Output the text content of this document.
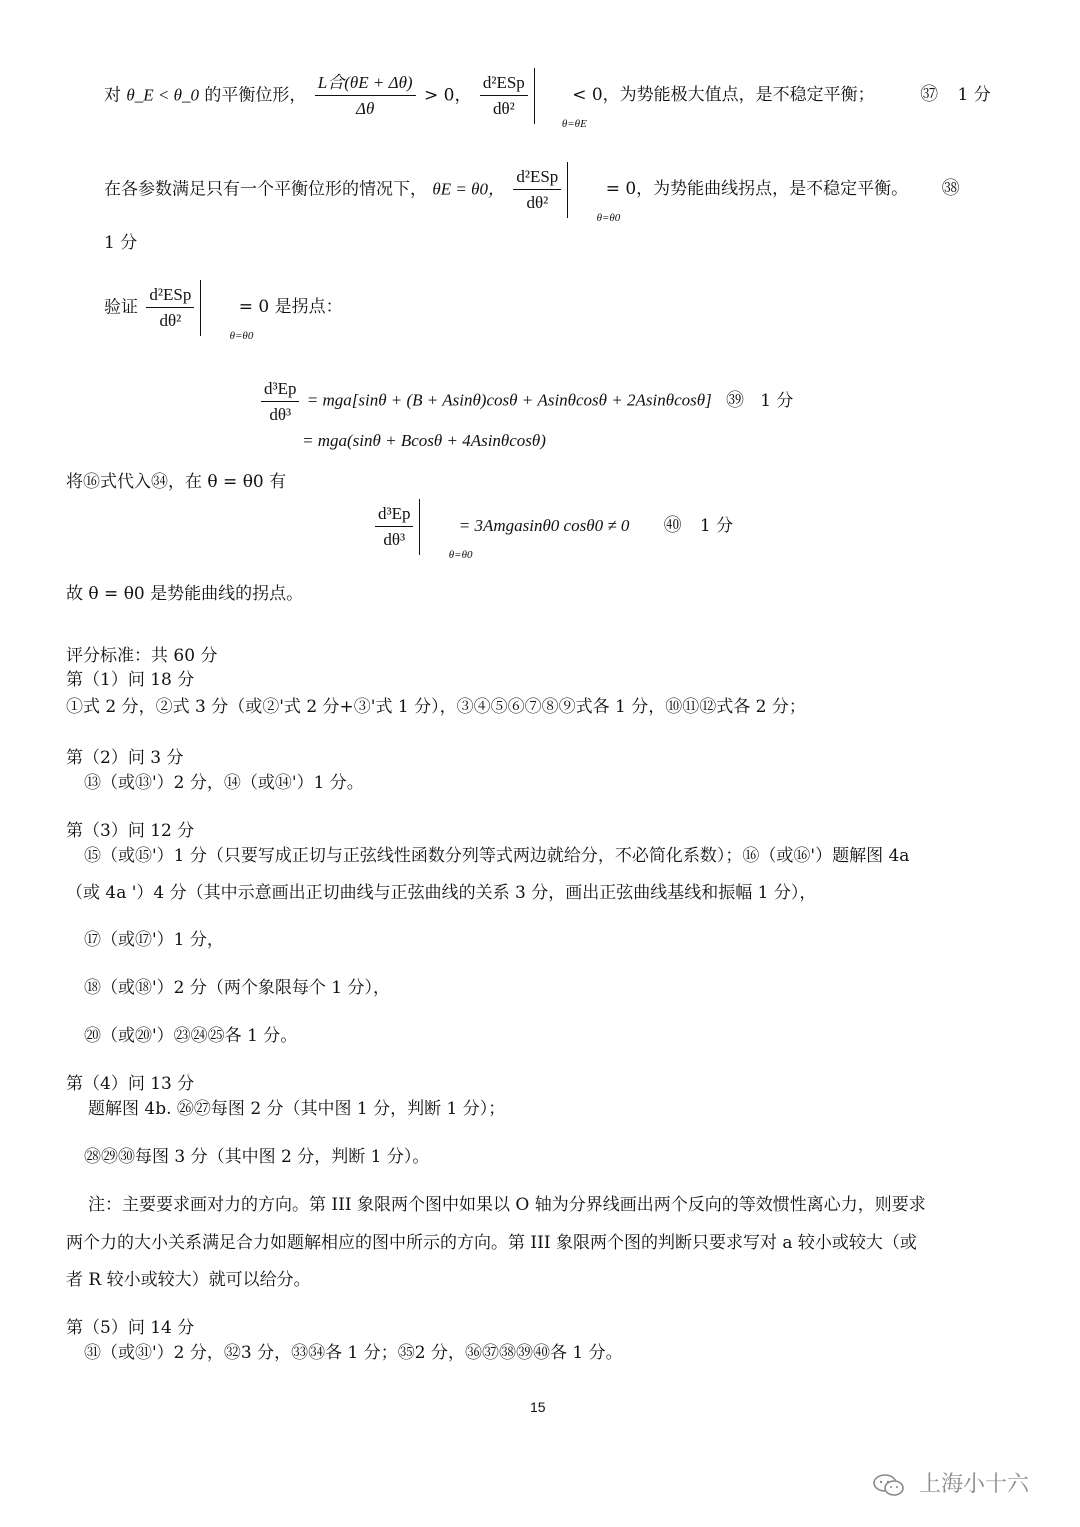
对 θ_E < θ_0 的平衡位形， $\frac{\text{L合(θE + Δθ)}}{\Delta\theta} > 0$， $\frac{\text{d²ESp}}{\text{dθ²}}$
θ=θE
< 0，为势能极大值点，是不稳定平衡；	㊲ 1 分
在各参数满足只有一个平衡位形的情况下， θE = θ0， $\frac{\text{d²ESp}}{\text{dθ²}}$
θ=θ0
= 0，为势能曲线拐点，是不稳定平衡。 ㊳
1 分
验证 $\frac{\text{d²ESp}}{\text{dθ²}}$
θ=θ0
= 0 是拐点：
$\frac{\text{d³Ep}}{\text{dθ³}} = mga[\sin\theta + (B + Asin\theta)\cos\theta + Asin\theta\cos\theta + 2Asin\theta\cos\theta]$ ㊴ 1 分
= mga(sinθ + Bcosθ + 4Asinθcosθ)
将⑯式代入㉞，在 θ = θ0 有
$\frac{\text{d³Ep}}{\text{dθ³}}$
θ=θ0
= 3Amgasinθ0 cosθ0 ≠ 0 ㊵ 1 分
故 θ = θ0 是势能曲线的拐点。
评分标准：共 60 分
第（1）问 18 分
①式 2 分，②式 3 分（或②'式 2 分+③'式 1 分），③④⑤⑥⑦⑧⑨式各 1 分，⑩⑪⑫式各 2 分；
第（2）问 3 分
⑬（或⑬'）2 分，⑭（或⑭'）1 分。
第（3）问 12 分
⑮（或⑮'）1 分（只要写成正切与正弦线性函数分列等式两边就给分，不必简化系数）；⑯（或⑯'）题解图 4a
（或 4a '）4 分（其中示意画出正切曲线与正弦曲线的关系 3 分，画出正弦曲线基线和振幅 1 分），
⑰（或⑰'）1 分，
⑱（或⑱'）2 分（两个象限每个 1 分），
⑳（或⑳'）㉓㉔㉕各 1 分。
第（4）问 13 分
题解图 4b. ㉖㉗每图 2 分（其中图 1 分，判断 1 分）；
㉘㉙㉚每图 3 分（其中图 2 分，判断 1 分）。
注：主要要求画对力的方向。第 III 象限两个图中如果以 O 轴为分界线画出两个反向的等效惯性离心力，则要求
两个力的大小关系满足合力如题解相应的图中所示的方向。第 III 象限两个图的判断只要求写对 a 较小或较大（或
者 R 较小或较大）就可以给分。
第（5）问 14 分
㉛（或㉛'）2 分，㉜3 分，㉝㉞各 1 分；㉟2 分，㊱㊲㊳㊴㊵各 1 分。
15
上海小十六
